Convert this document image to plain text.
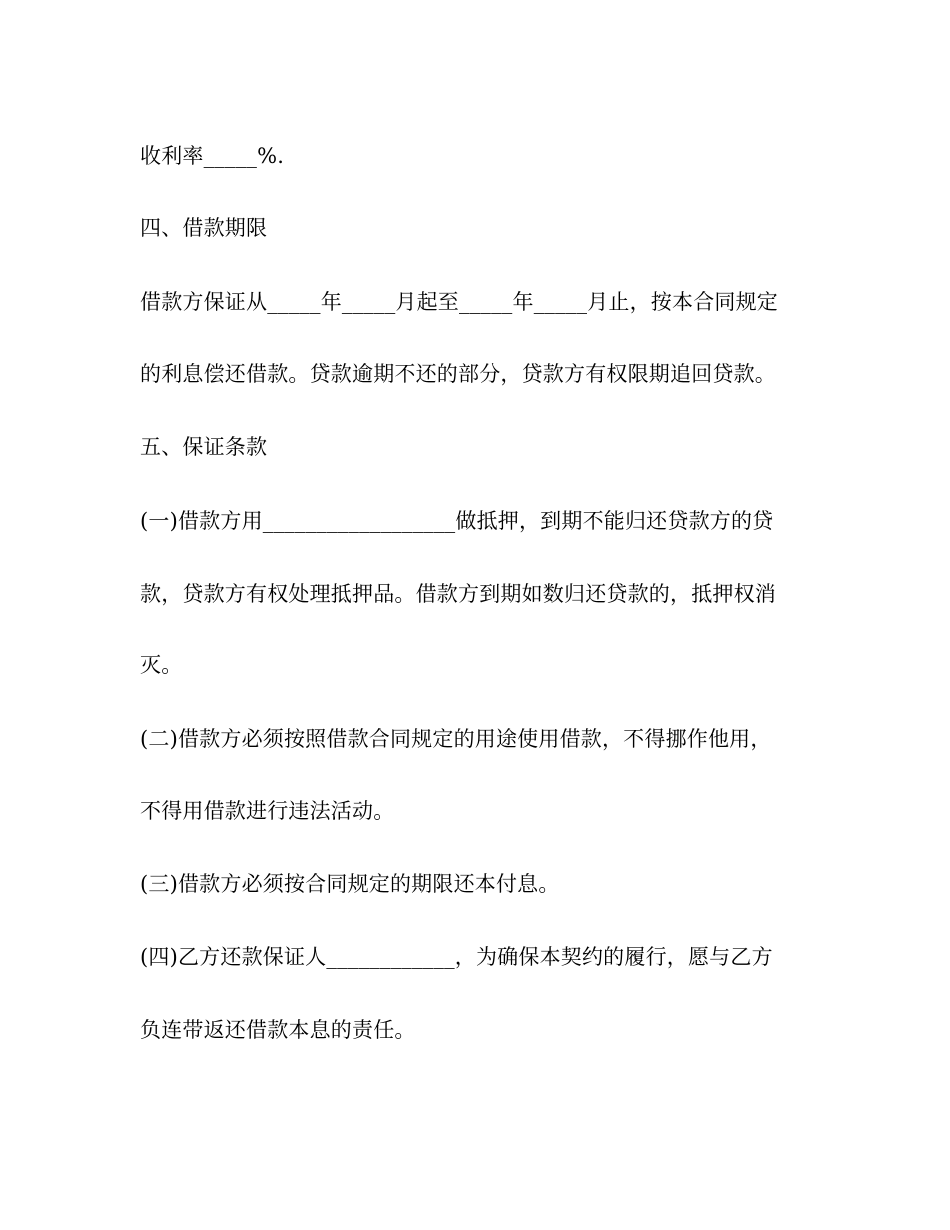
收利率_____%.
四、借款期限
借款方保证从_____年_____月起至_____年_____月止，按本合同规定
的利息偿还借款。贷款逾期不还的部分，贷款方有权限期追回贷款。
五、保证条款
(一)借款方用__________________做抵押，到期不能归还贷款方的贷
款，贷款方有权处理抵押品。借款方到期如数归还贷款的，抵押权消
灭。
(二)借款方必须按照借款合同规定的用途使用借款，不得挪作他用，
不得用借款进行违法活动。
(三)借款方必须按合同规定的期限还本付息。
(四)乙方还款保证人____________，为确保本契约的履行，愿与乙方
负连带返还借款本息的责任。
